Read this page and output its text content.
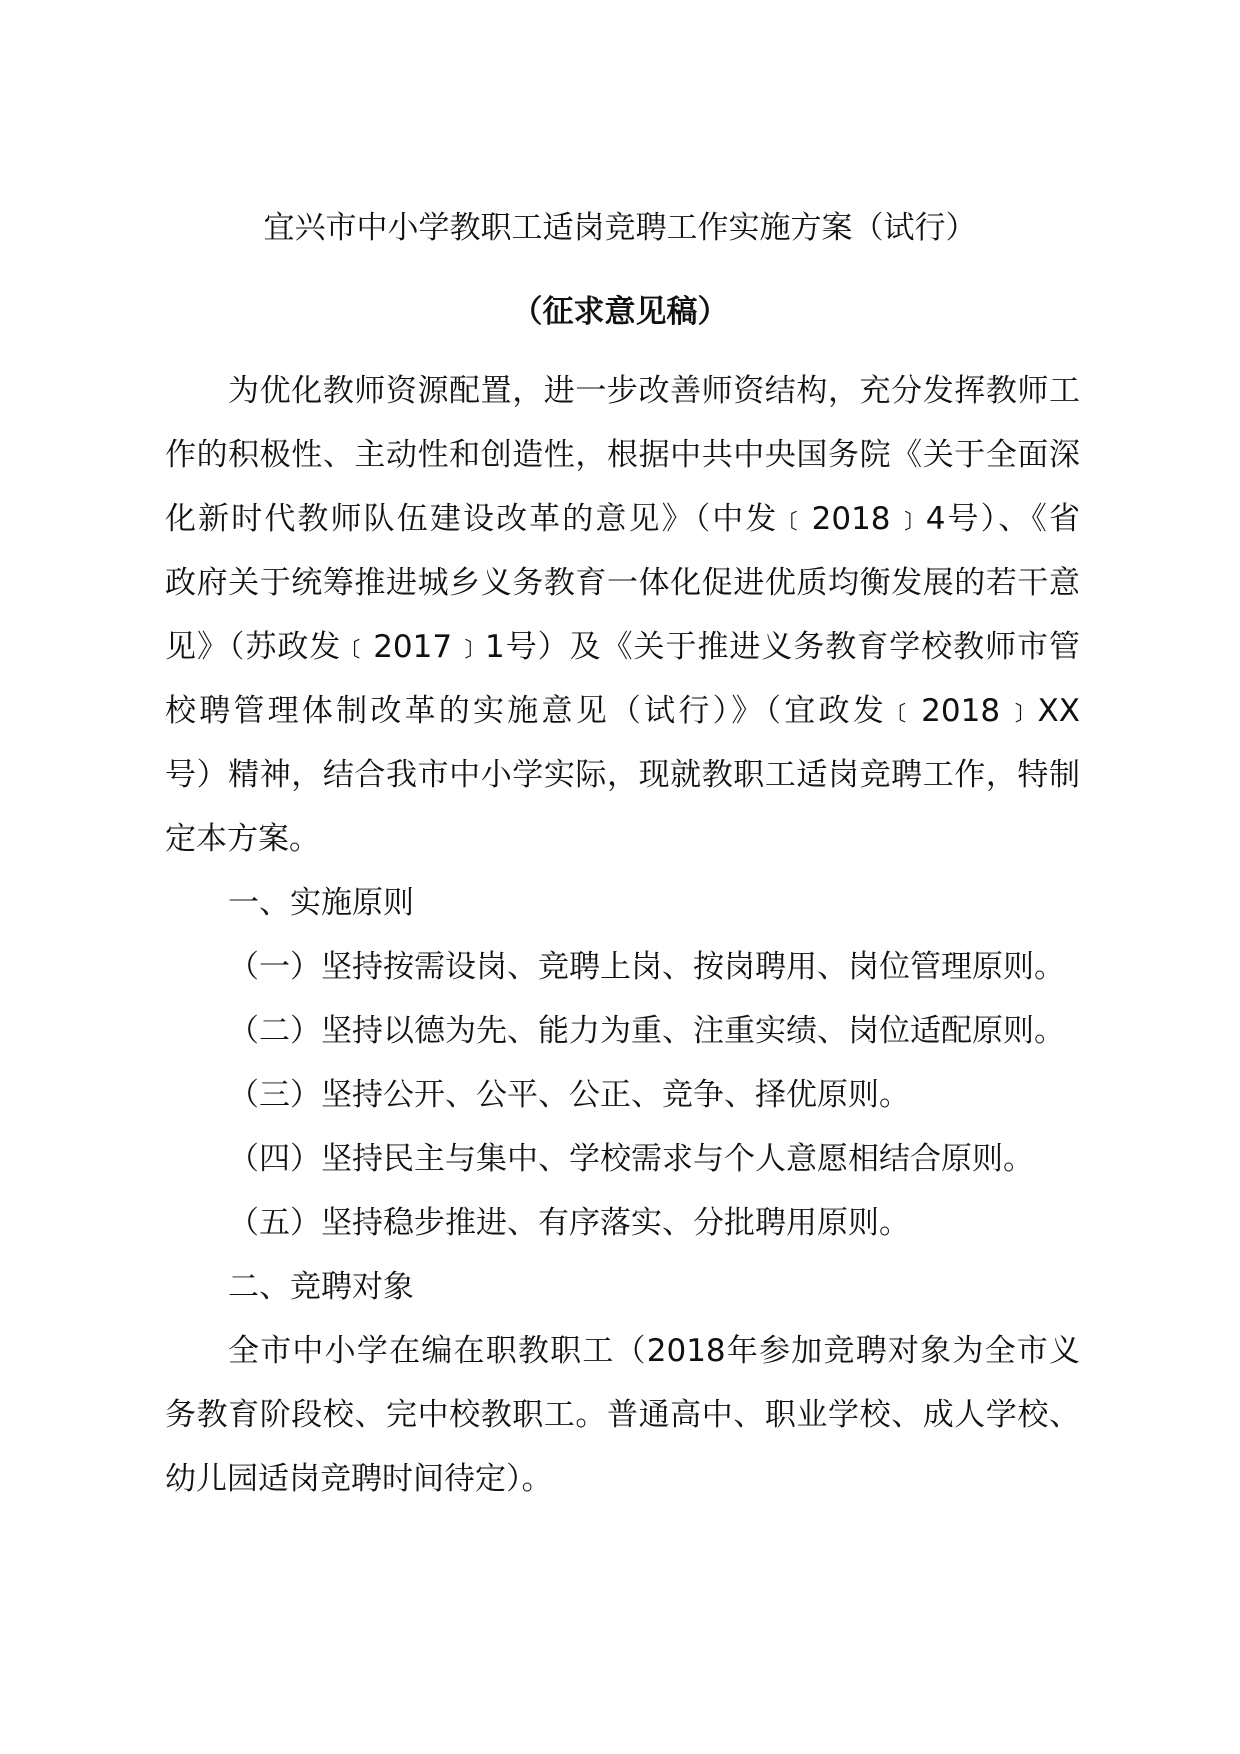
宜兴市中小学教职工适岗竞聘工作实施方案（试行）
（征求意见稿）
为优化教师资源配置，进一步改善师资结构，充分发挥教师工
作的积极性、主动性和创造性，根据中共中央国务院《关于全面深
化新时代教师队伍建设改革的意见》（中发﹝2018﹞4号）、《省
政府关于统筹推进城乡义务教育一体化促进优质均衡发展的若干意
见》（苏政发﹝2017﹞1号）及《关于推进义务教育学校教师市管
校聘管理体制改革的实施意见（试行）》（宜政发﹝2018﹞XX
号）精神，结合我市中小学实际，现就教职工适岗竞聘工作，特制
定本方案。
一、实施原则
（一）坚持按需设岗、竞聘上岗、按岗聘用、岗位管理原则。
（二）坚持以德为先、能力为重、注重实绩、岗位适配原则。
（三）坚持公开、公平、公正、竞争、择优原则。
（四）坚持民主与集中、学校需求与个人意愿相结合原则。
（五）坚持稳步推进、有序落实、分批聘用原则。
二、竞聘对象
全市中小学在编在职教职工（2018年参加竞聘对象为全市义
务教育阶段校、完中校教职工。普通高中、职业学校、成人学校、
幼儿园适岗竞聘时间待定）。
